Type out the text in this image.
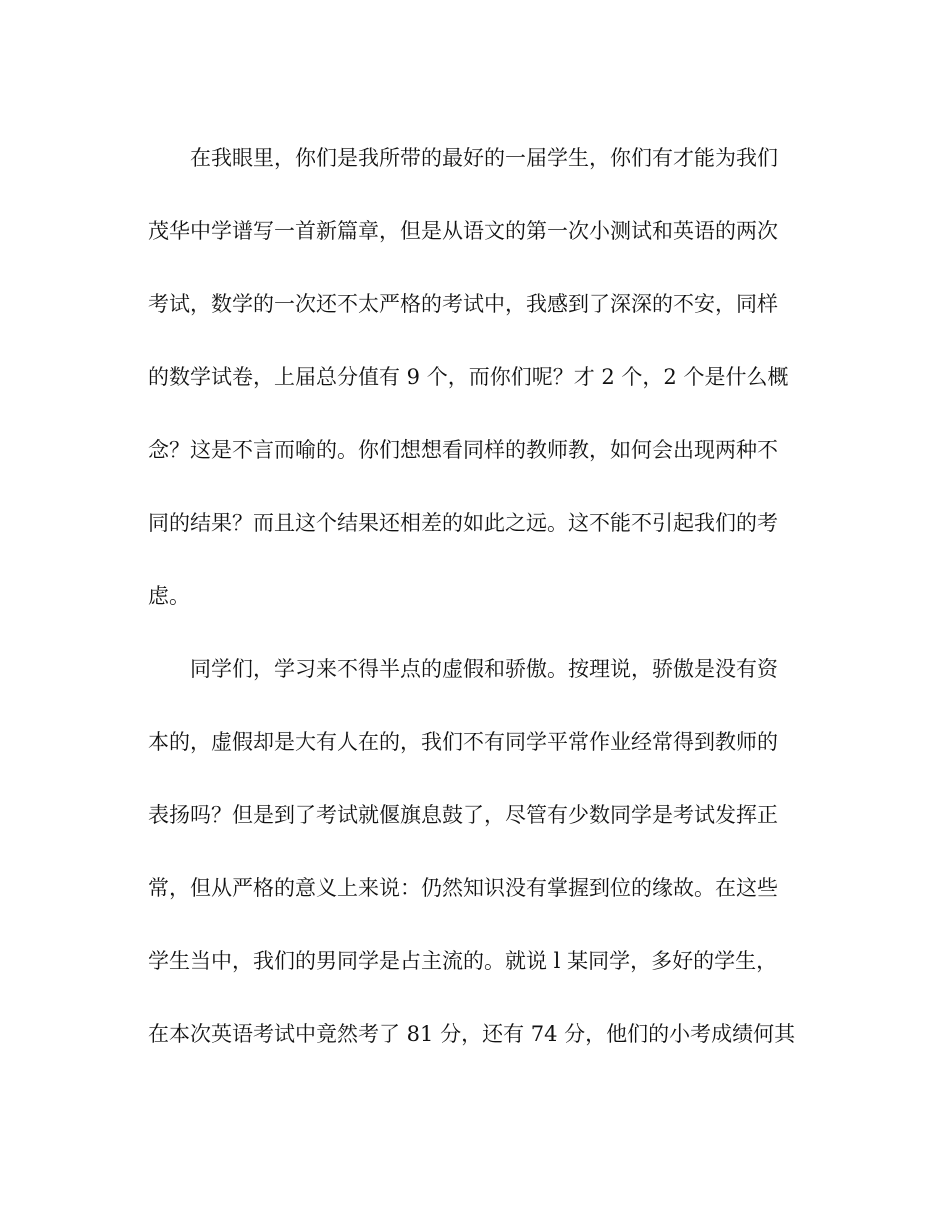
在我眼里，你们是我所带的最好的一届学生，你们有才能为我们
茂华中学谱写一首新篇章，但是从语文的第一次小测试和英语的两次
考试，数学的一次还不太严格的考试中，我感到了深深的不安，同样
的数学试卷，上届总分值有 9 个，而你们呢？才 2 个，2 个是什么概
念？这是不言而喻的。你们想想看同样的教师教，如何会出现两种不
同的结果？而且这个结果还相差的如此之远。这不能不引起我们的考
虑。
同学们，学习来不得半点的虚假和骄傲。按理说，骄傲是没有资
本的，虚假却是大有人在的，我们不有同学平常作业经常得到教师的
表扬吗？但是到了考试就偃旗息鼓了，尽管有少数同学是考试发挥正
常，但从严格的意义上来说：仍然知识没有掌握到位的缘故。在这些
学生当中，我们的男同学是占主流的。就说 l 某同学，多好的学生，
在本次英语考试中竟然考了 81 分，还有 74 分，他们的小考成绩何其
